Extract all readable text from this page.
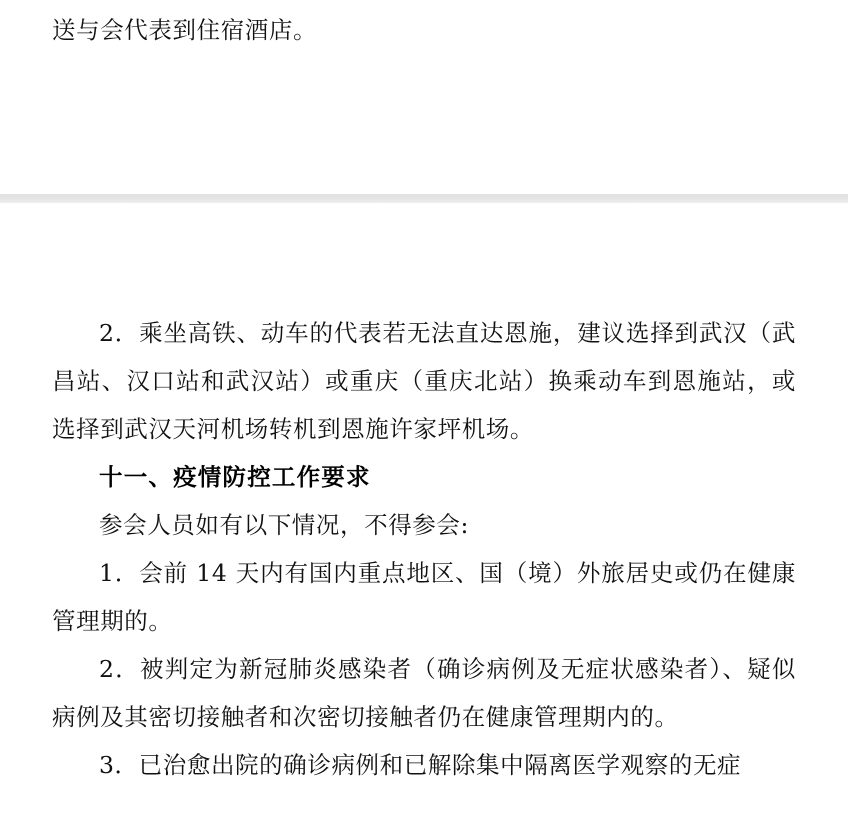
送与会代表到住宿酒店。

2．乘坐高铁、动车的代表若无法直达恩施，建议选择到武汉（武昌站、汉口站和武汉站）或重庆（重庆北站）换乘动车到恩施站，或选择到武汉天河机场转机到恩施许家坪机场。

十一、疫情防控工作要求

参会人员如有以下情况，不得参会:

1．会前 14 天内有国内重点地区、国（境）外旅居史或仍在健康管理期的。

2．被判定为新冠肺炎感染者（确诊病例及无症状感染者）、疑似病例及其密切接触者和次密切接触者仍在健康管理期内的。

3．已治愈出院的确诊病例和已解除集中隔离医学观察的无症
